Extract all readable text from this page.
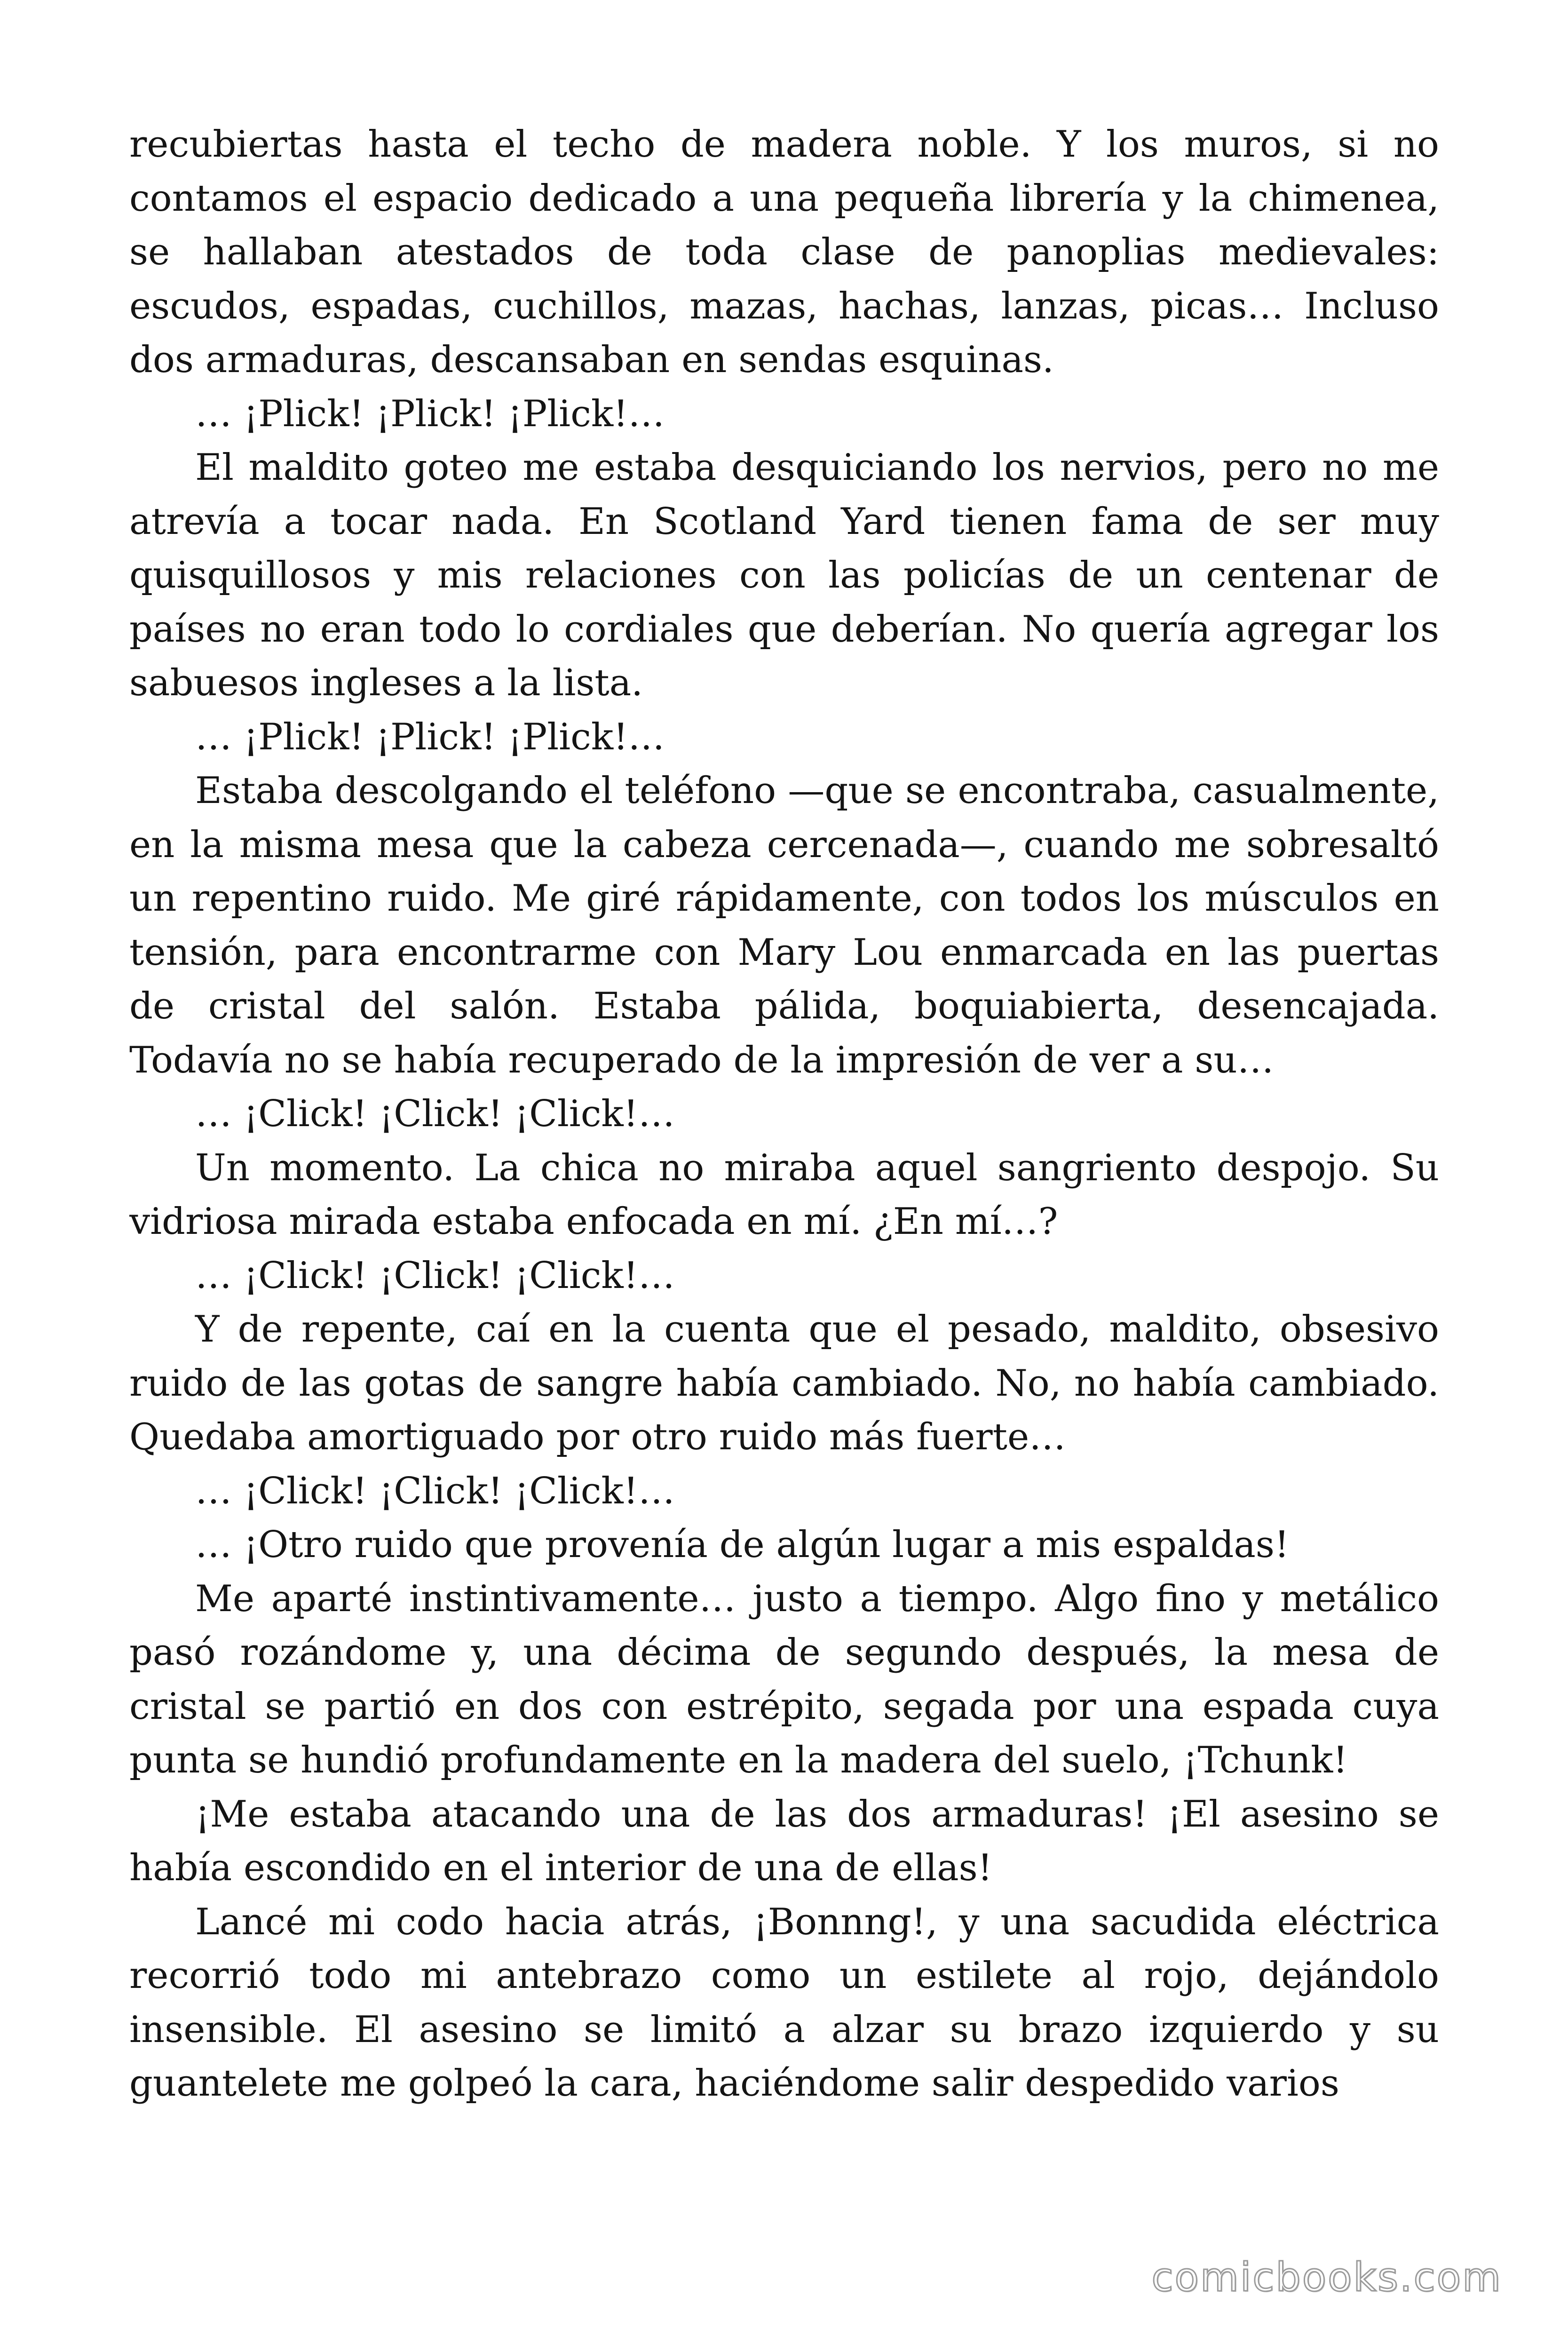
recubiertas hasta el techo de madera noble. Y los muros, si no contamos el espacio dedicado a una pequeña librería y la chimenea, se hallaban atestados de toda clase de panoplias medievales: escudos, espadas, cuchillos, mazas, hachas, lanzas, picas… Incluso dos armaduras, descansaban en sendas esquinas.

… ¡Plick! ¡Plick! ¡Plick!…

El maldito goteo me estaba desquiciando los nervios, pero no me atrevía a tocar nada. En Scotland Yard tienen fama de ser muy quisquillosos y mis relaciones con las policías de un centenar de países no eran todo lo cordiales que deberían. No quería agregar los sabuesos ingleses a la lista.

… ¡Plick! ¡Plick! ¡Plick!…

Estaba descolgando el teléfono —que se encontraba, casualmente, en la misma mesa que la cabeza cercenada—, cuando me sobresaltó un repentino ruido. Me giré rápidamente, con todos los músculos en tensión, para encontrarme con Mary Lou enmarcada en las puertas de cristal del salón. Estaba pálida, boquiabierta, desencajada. Todavía no se había recuperado de la impresión de ver a su…

… ¡Click! ¡Click! ¡Click!…

Un momento. La chica no miraba aquel sangriento despojo. Su vidriosa mirada estaba enfocada en mí. ¿En mí…?

… ¡Click! ¡Click! ¡Click!…

Y de repente, caí en la cuenta que el pesado, maldito, obsesivo ruido de las gotas de sangre había cambiado. No, no había cambiado. Quedaba amortiguado por otro ruido más fuerte…

… ¡Click! ¡Click! ¡Click!…

… ¡Otro ruido que provenía de algún lugar a mis espaldas!

Me aparté instintivamente… justo a tiempo. Algo fino y metálico pasó rozándome y, una décima de segundo después, la mesa de cristal se partió en dos con estrépito, segada por una espada cuya punta se hundió profundamente en la madera del suelo, ¡Tchunk!

¡Me estaba atacando una de las dos armaduras! ¡El asesino se había escondido en el interior de una de ellas!

Lancé mi codo hacia atrás, ¡Bonnng!, y una sacudida eléctrica recorrió todo mi antebrazo como un estilete al rojo, dejándolo insensible. El asesino se limitó a alzar su brazo izquierdo y su guantelete me golpeó la cara, haciéndome salir despedido varios

comicbooks.com
